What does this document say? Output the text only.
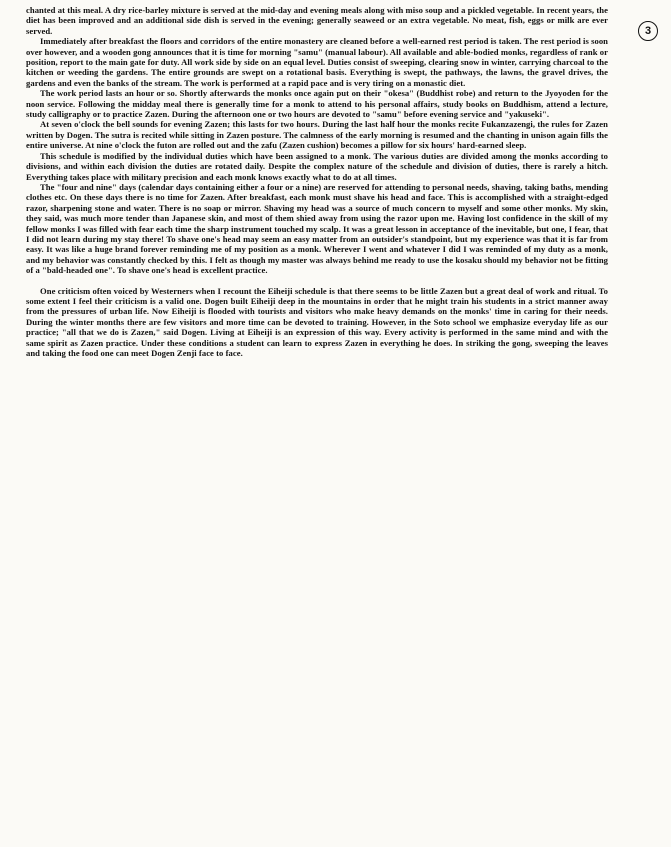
chanted at this meal. A dry rice-barley mixture is served at the mid-day and evening meals along with miso soup and a pickled vegetable. In recent years, the diet has been improved and an additional side dish is served in the evening; generally seaweed or an extra vegetable. No meat, fish, eggs or milk are ever served.

Immediately after breakfast the floors and corridors of the entire monastery are cleaned before a well-earned rest period is taken. The rest period is soon over however, and a wooden gong announces that it is time for morning "samu" (manual labour). All available and able-bodied monks, regardless of rank or position, report to the main gate for duty. All work side by side on an equal level. Duties consist of sweeping, clearing snow in winter, carrying charcoal to the kitchen or weeding the gardens. The entire grounds are swept on a rotational basis. Everything is swept, the pathways, the lawns, the gravel drives, the gardens and even the banks of the stream. The work is performed at a rapid pace and is very tiring on a monastic diet.

The work period lasts an hour or so. Shortly afterwards the monks once again put on their "okesa" (Buddhist robe) and return to the Jyoyoden for the noon service. Following the midday meal there is generally time for a monk to attend to his personal affairs, study books on Buddhism, attend a lecture, study calligraphy or to practice Zazen. During the afternoon one or two hours are devoted to "samu" before evening service and "yakuseki".

At seven o'clock the bell sounds for evening Zazen; this lasts for two hours. During the last half hour the monks recite Fukanzazengi, the rules for Zazen written by Dogen. The sutra is recited while sitting in Zazen posture. The calmness of the early morning is resumed and the chanting in unison again fills the entire universe. At nine o'clock the futon are rolled out and the zafu (Zazen cushion) becomes a pillow for six hours' hard-earned sleep.

This schedule is modified by the individual duties which have been assigned to a monk. The various duties are divided among the monks according to divisions, and within each division the duties are rotated daily. Despite the complex nature of the schedule and division of duties, there is rarely a hitch. Everything takes place with military precision and each monk knows exactly what to do at all times.

The "four and nine" days (calendar days containing either a four or a nine) are reserved for attending to personal needs, shaving, taking baths, mending clothes etc. On these days there is no time for Zazen. After breakfast, each monk must shave his head and face. This is accomplished with a straight-edged razor, sharpening stone and water. There is no soap or mirror. Shaving my head was a source of much concern to myself and some other monks. My skin, they said, was much more tender than Japanese skin, and most of them shied away from using the razor upon me. Having lost confidence in the skill of my fellow monks I was filled with fear each time the sharp instrument touched my scalp. It was a great lesson in acceptance of the inevitable, but one, I fear, that I did not learn during my stay there! To shave one's head may seem an easy matter from an outsider's standpoint, but my experience was that it is far from easy. It was like a huge brand forever reminding me of my position as a monk. Wherever I went and whatever I did I was reminded of my duty as a monk, and my behavior was constantly checked by this. I felt as though my master was always behind me ready to use the kosaku should my behavior not be fitting of a "bald-headed one". To shave one's head is excellent practice.

One criticism often voiced by Westerners when I recount the Eiheiji schedule is that there seems to be little Zazen but a great deal of work and ritual. To some extent I feel their criticism is a valid one. Dogen built Eiheiji deep in the mountains in order that he might train his students in a strict manner away from the pressures of urban life. Now Eiheiji is flooded with tourists and visitors who make heavy demands on the monks' time in caring for their needs. During the winter months there are few visitors and more time can be devoted to training. However, in the Soto school we emphasize everyday life as our practice; "all that we do is Zazen," said Dogen. Living at Eiheiji is an expression of this way. Every activity is performed in the same mind and with the same spirit as Zazen practice. Under these conditions a student can learn to express Zazen in everything he does. In striking the gong, sweeping the leaves and taking the food one can meet Dogen Zenji face to face.

3
